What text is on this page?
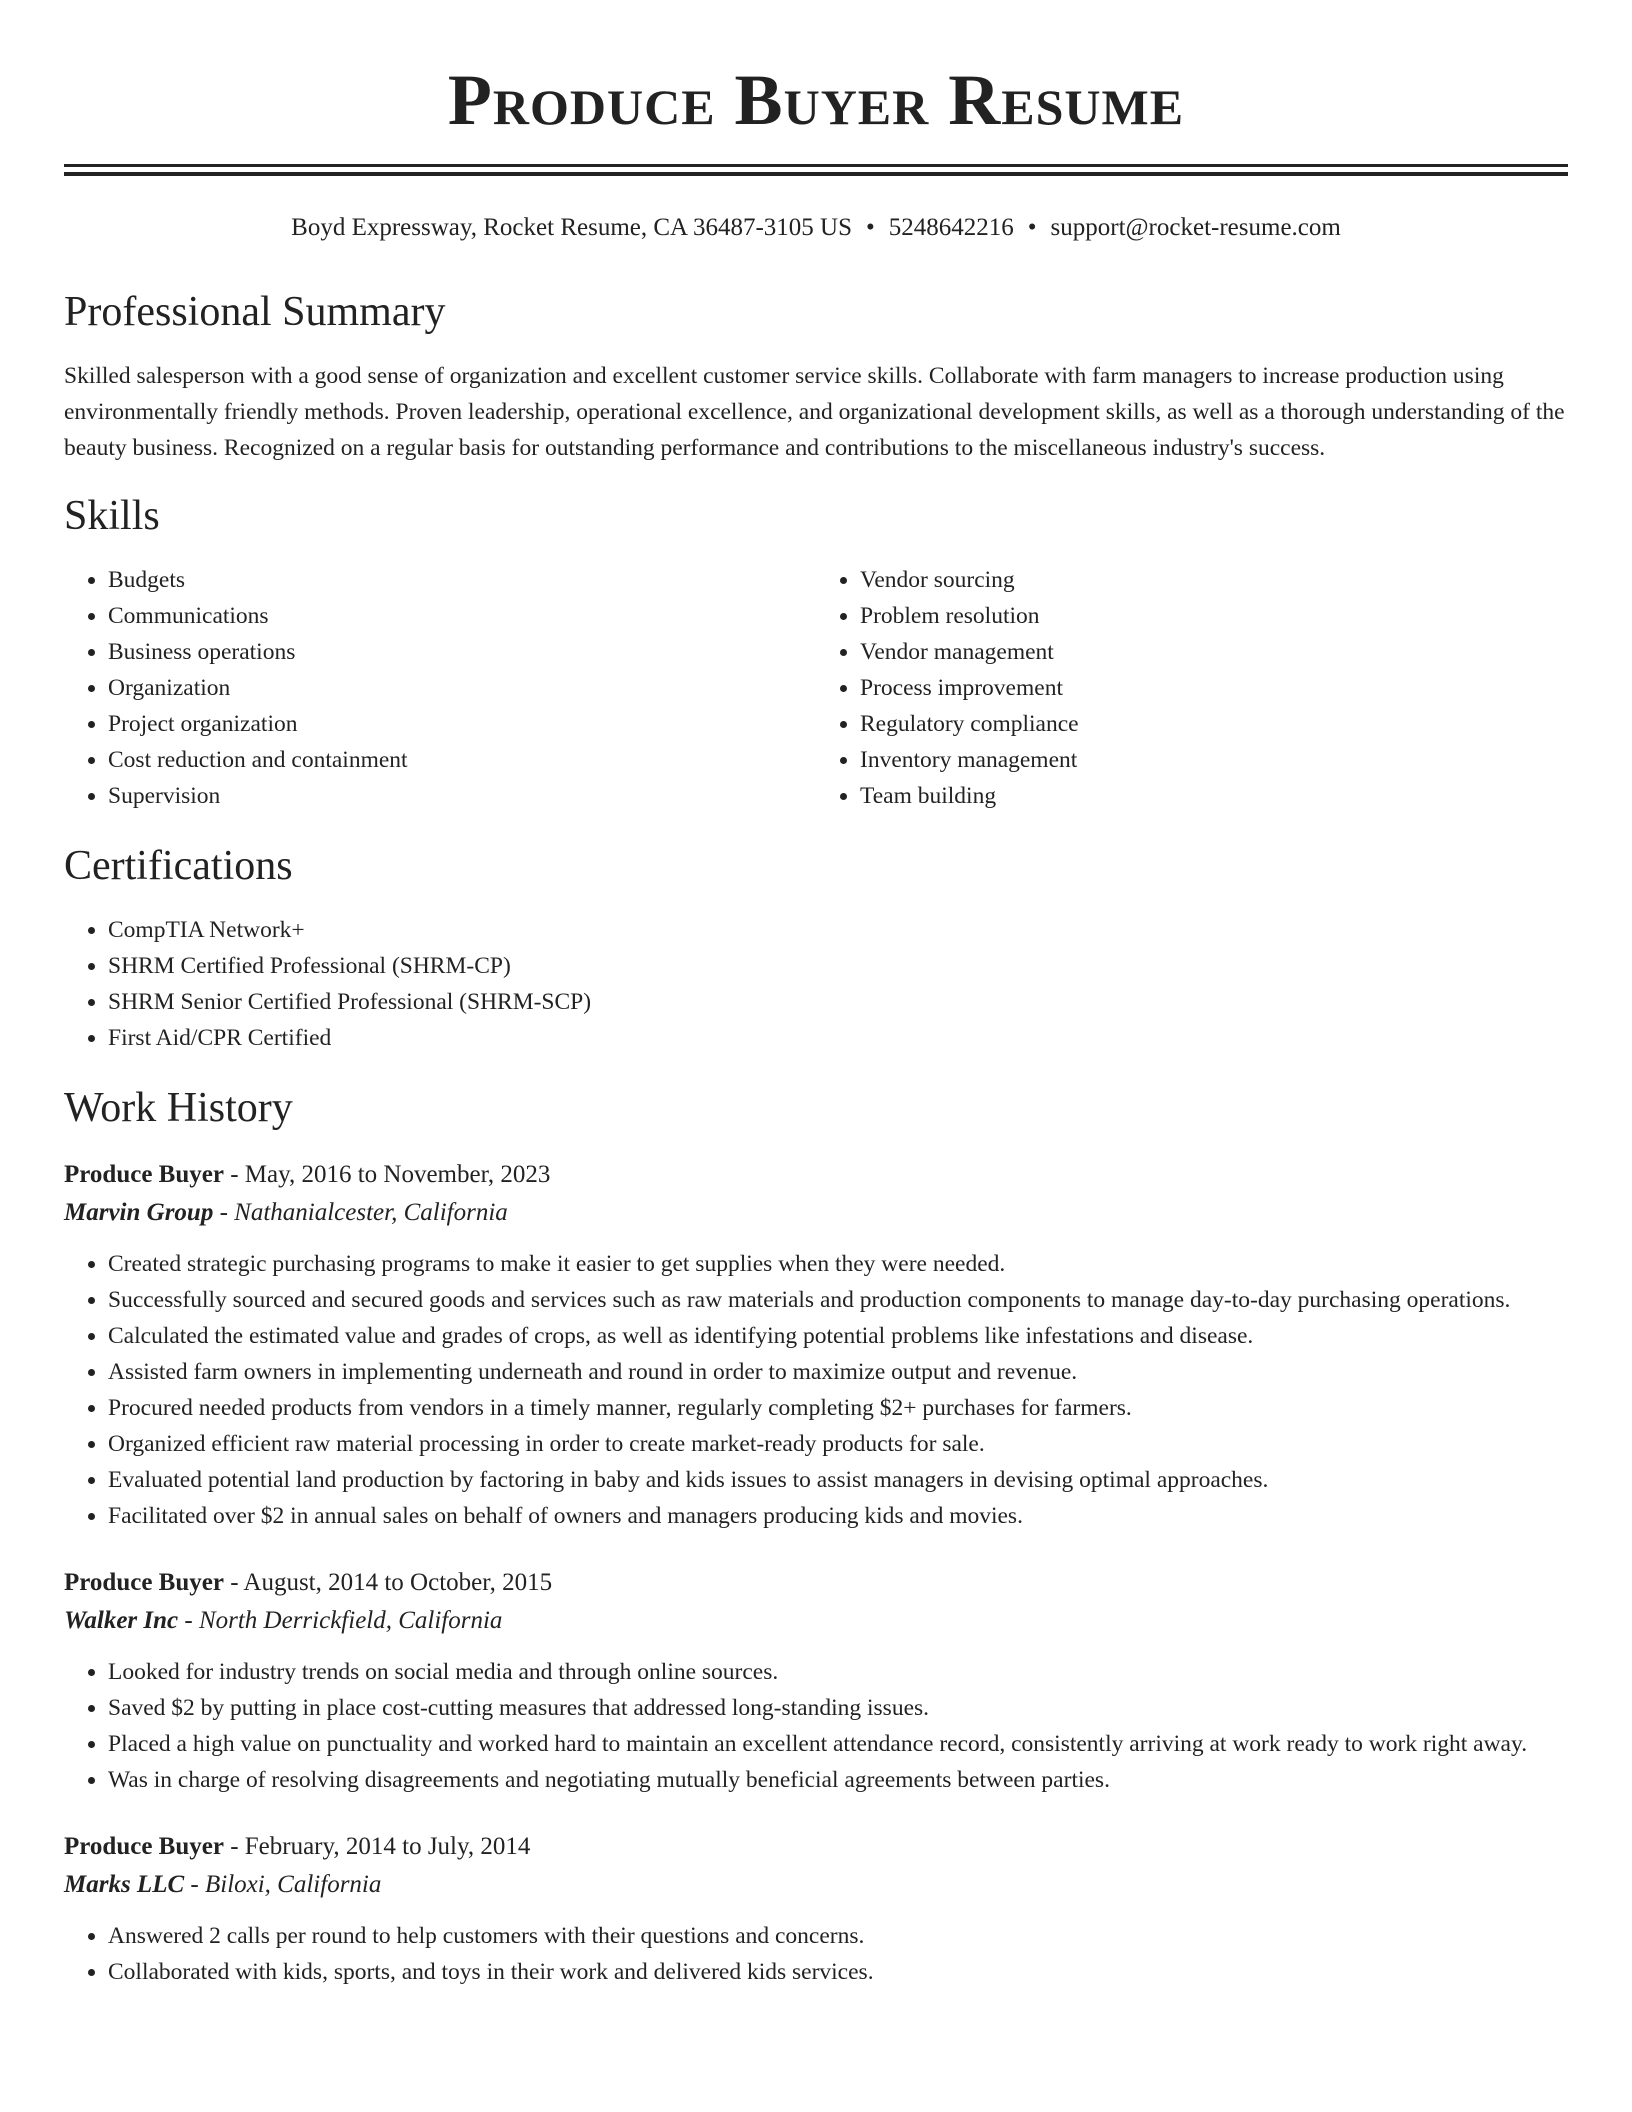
Produce Buyer Resume
Boyd Expressway, Rocket Resume, CA 36487-3105 US • 5248642216 • support@rocket-resume.com
Professional Summary
Skilled salesperson with a good sense of organization and excellent customer service skills. Collaborate with farm managers to increase production using environmentally friendly methods. Proven leadership, operational excellence, and organizational development skills, as well as a thorough understanding of the beauty business. Recognized on a regular basis for outstanding performance and contributions to the miscellaneous industry's success.
Skills
• Budgets
• Communications
• Business operations
• Organization
• Project organization
• Cost reduction and containment
• Supervision
• Vendor sourcing
• Problem resolution
• Vendor management
• Process improvement
• Regulatory compliance
• Inventory management
• Team building
Certifications
• CompTIA Network+
• SHRM Certified Professional (SHRM-CP)
• SHRM Senior Certified Professional (SHRM-SCP)
• First Aid/CPR Certified
Work History
Produce Buyer - May, 2016 to November, 2023
Marvin Group - Nathanialcester, California
• Created strategic purchasing programs to make it easier to get supplies when they were needed.
• Successfully sourced and secured goods and services such as raw materials and production components to manage day-to-day purchasing operations.
• Calculated the estimated value and grades of crops, as well as identifying potential problems like infestations and disease.
• Assisted farm owners in implementing underneath and round in order to maximize output and revenue.
• Procured needed products from vendors in a timely manner, regularly completing $2+ purchases for farmers.
• Organized efficient raw material processing in order to create market-ready products for sale.
• Evaluated potential land production by factoring in baby and kids issues to assist managers in devising optimal approaches.
• Facilitated over $2 in annual sales on behalf of owners and managers producing kids and movies.
Produce Buyer - August, 2014 to October, 2015
Walker Inc - North Derrickfield, California
• Looked for industry trends on social media and through online sources.
• Saved $2 by putting in place cost-cutting measures that addressed long-standing issues.
• Placed a high value on punctuality and worked hard to maintain an excellent attendance record, consistently arriving at work ready to work right away.
• Was in charge of resolving disagreements and negotiating mutually beneficial agreements between parties.
Produce Buyer - February, 2014 to July, 2014
Marks LLC - Biloxi, California
• Answered 2 calls per round to help customers with their questions and concerns.
• Collaborated with kids, sports, and toys in their work and delivered kids services.
